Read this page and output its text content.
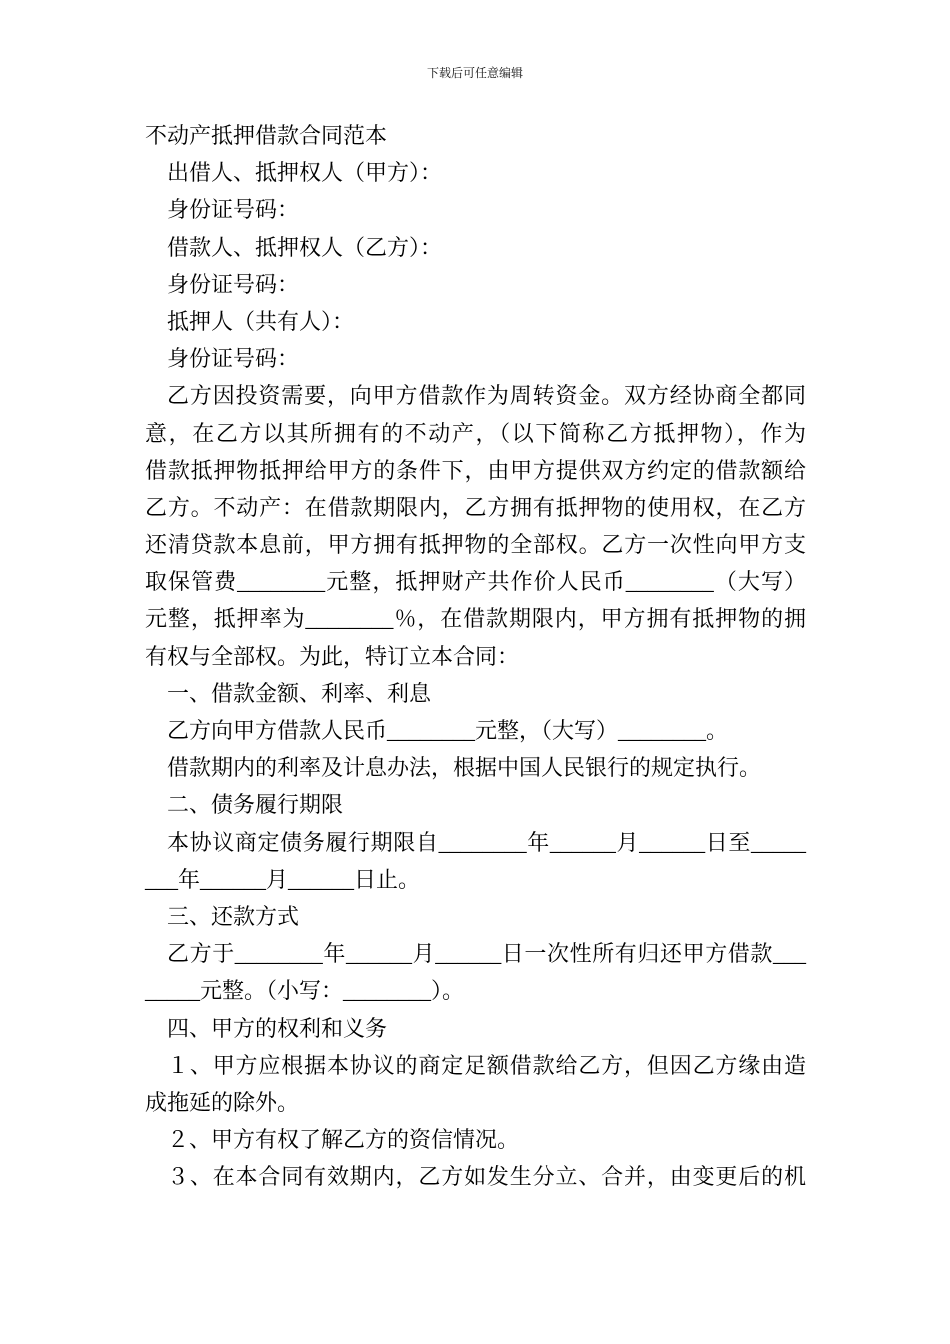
下载后可任意编辑
不动产抵押借款合同范本
出借人、抵押权人（甲方）：
身份证号码：
借款人、抵押权人（乙方）：
身份证号码：
抵押人（共有人）：
身份证号码：
乙方因投资需要，向甲方借款作为周转资金。双方经协商全都同
意，在乙方以其所拥有的不动产，（以下简称乙方抵押物），作为
借款抵押物抵押给甲方的条件下，由甲方提供双方约定的借款额给
乙方。不动产：在借款期限内，乙方拥有抵押物的使用权，在乙方
还清贷款本息前，甲方拥有抵押物的全部权。乙方一次性向甲方支
取保管费________元整，抵押财产共作价人民币________（大写）
元整，抵押率为________％，在借款期限内，甲方拥有抵押物的拥
有权与全部权。为此，特订立本合同：
一、借款金额、利率、利息
乙方向甲方借款人民币________元整，（大写）________。
借款期内的利率及计息办法，根据中国人民银行的规定执行。
二、债务履行期限
本协议商定债务履行期限自________年______月______日至_____
___年______月______日止。
三、还款方式
乙方于________年______月______日一次性所有归还甲方借款___
_____元整。（小写：________）。
四、甲方的权利和义务
１、甲方应根据本协议的商定足额借款给乙方，但因乙方缘由造
成拖延的除外。
２、甲方有权了解乙方的资信情况。
３、在本合同有效期内，乙方如发生分立、合并，由变更后的机
